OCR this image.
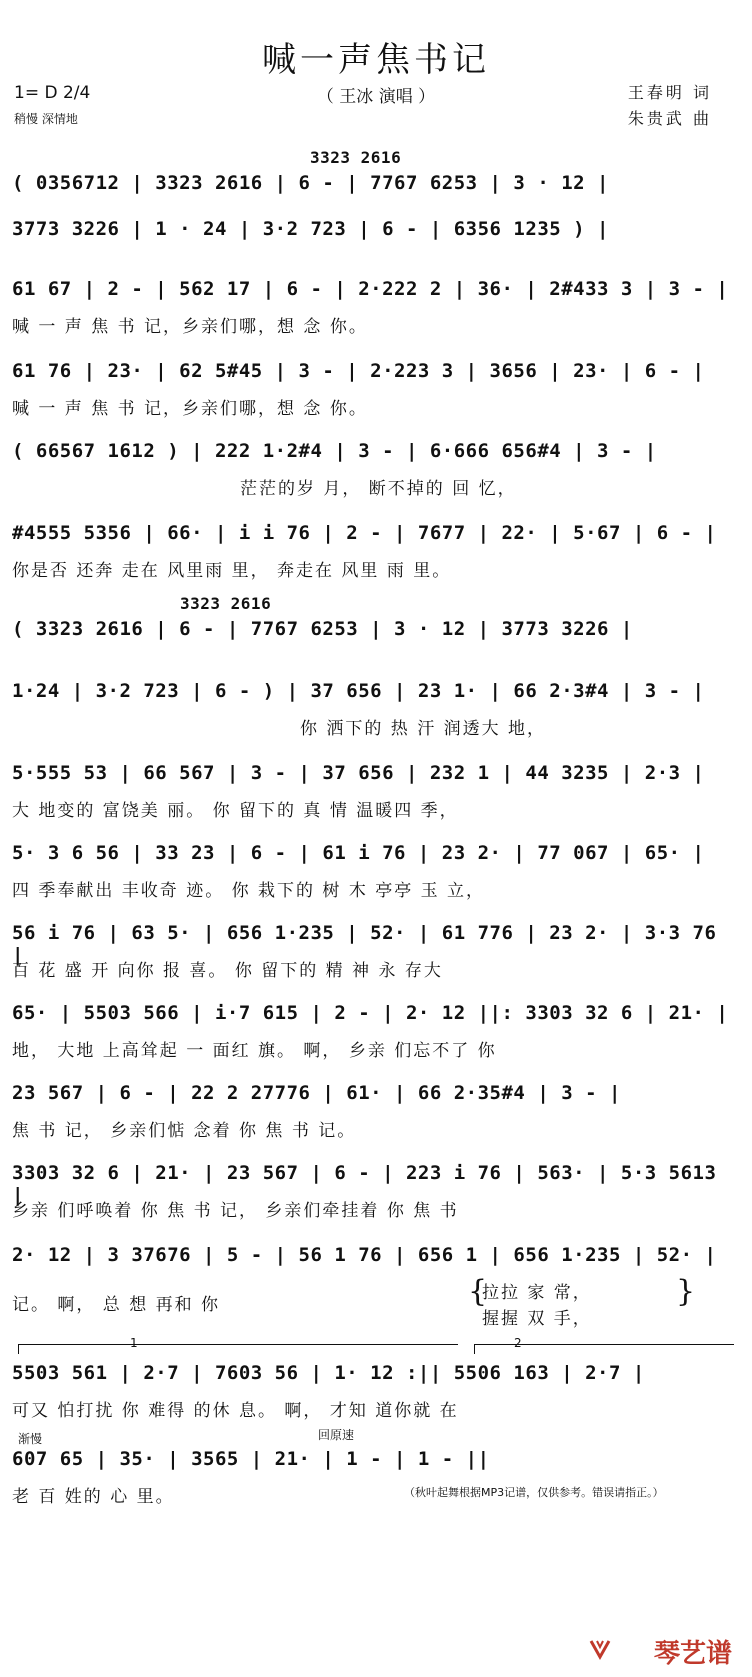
喊一声焦书记
（ 王冰 演唱 ）
1= D 2/4
稍慢 深情地
王春明 词
朱贵武 曲
3323 2616
( 0356712 | 3323 2616 | 6 - | 7767 6253 | 3 · 12 |
3773 3226 | 1 · 24 | 3·2 723 | 6 - | 6356 1235 ) |
61 67 | 2 - | 562 17 | 6 - | 2·222 2 | 36· | 2#433 3 | 3 - |
喊 一 声 焦 书 记，乡亲们哪，想 念 你。
61 76 | 23· | 62 5#45 | 3 - | 2·223 3 | 3656 | 23· | 6 - |
喊 一 声 焦 书 记，乡亲们哪，想 念 你。
( 66567 1612 ) | 222 1·2#4 | 3 - | 6·666 656#4 | 3 - |
茫茫的岁 月， 断不掉的 回 忆，
#4555 5356 | 66· | i i 76 | 2 - | 7677 | 22· | 5·67 | 6 - |
你是否 还奔 走在 风里雨 里， 奔走在 风里 雨 里。
3323 2616
( 3323 2616 | 6 - | 7767 6253 | 3 · 12 | 3773 3226 |
1·24 | 3·2 723 | 6 - ) | 37 656 | 23 1· | 66 2·3#4 | 3 - |
你 洒下的 热 汗 润透大 地，
5·555 53 | 66 567 | 3 - | 37 656 | 232 1 | 44 3235 | 2·3 |
大 地变的 富饶美 丽。 你 留下的 真 情 温暖四 季，
5· 3 6 56 | 33 23 | 6 - | 61 i 76 | 23 2· | 77 067 | 65· |
四 季奉献出 丰收奇 迹。 你 栽下的 树 木 亭亭 玉 立，
56 i 76 | 63 5· | 656 1·235 | 52· | 61 776 | 23 2· | 3·3 76 |
百 花 盛 开 向你 报 喜。 你 留下的 精 神 永 存大
65· | 5503 566 | i·7 615 | 2 - | 2· 12 ||: 3303 32 6 | 21· |
地， 大地 上高耸起 一 面红 旗。 啊， 乡亲 们忘不了 你
23 567 | 6 - | 22 2 27776 | 61· | 66 2·35#4 | 3 - |
焦 书 记， 乡亲们惦 念着 你 焦 书 记。
3303 32 6 | 21· | 23 567 | 6 - | 223 i 76 | 563· | 5·3 5613 |
乡亲 们呼唤着 你 焦 书 记， 乡亲们牵挂着 你 焦 书
2· 12 | 3 37676 | 5 - | 56 1 76 | 656 1 | 656 1·235 | 52· |
记。 啊， 总 想 再和 你	{
拉拉 家 常，
握握 双 手，
}
1	2
5503 561 | 2·7 | 7603 56 | 1· 12 :|| 5506 163 | 2·7 |
可又 怕打扰 你 难得 的休 息。 啊， 才知 道你就 在
渐慢	回原速
607 65 | 35· | 3565 | 21· | 1 - | 1 - ||
老 百 姓的 心 里。	（秋叶起舞根据MP3记谱，仅供参考。错误请指正。）
琴艺谱
